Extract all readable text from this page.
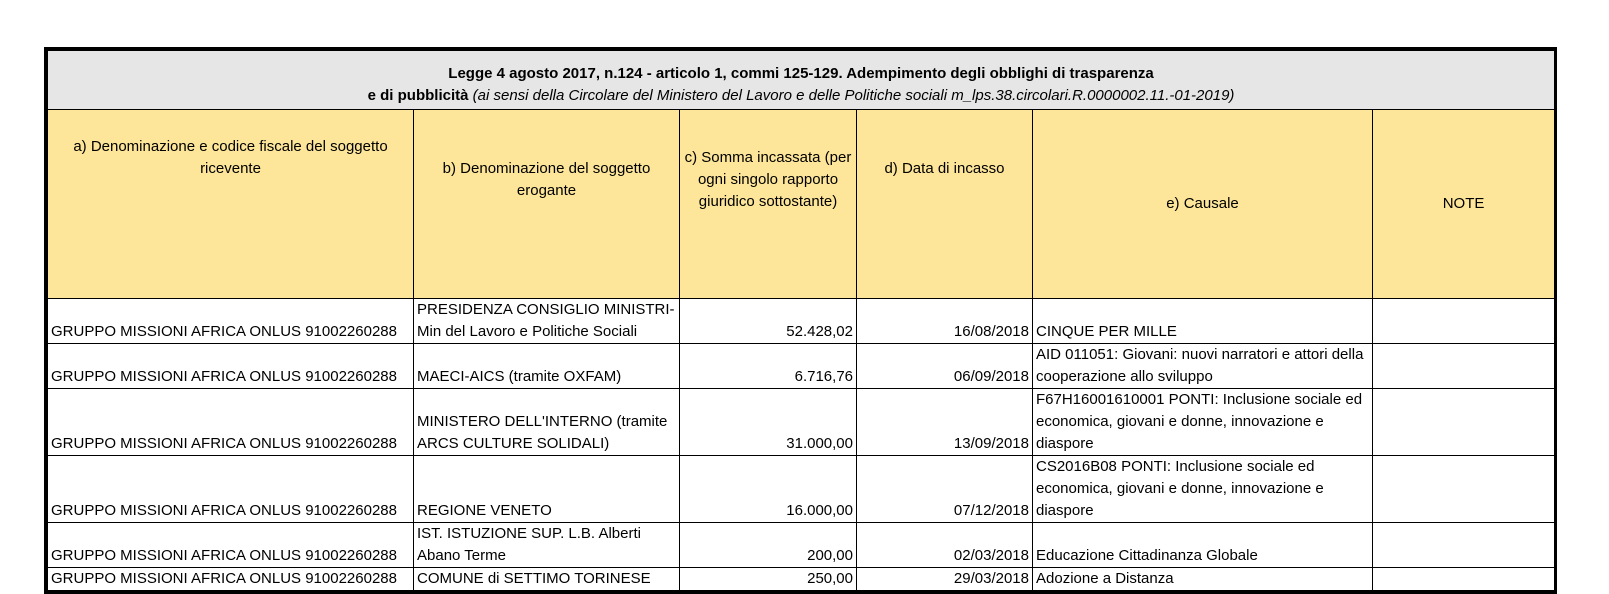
Legge 4 agosto 2017, n.124 - articolo 1, commi 125-129. Adempimento degli obblighi di trasparenza
e di pubblicità (ai sensi della Circolare del Ministero del Lavoro e delle Politiche sociali m_lps.38.circolari.R.0000002.11.-01-2019)					
a) Denominazione e codice fiscale del soggetto ricevente	b) Denominazione del soggetto erogante	c) Somma incassata (per ogni singolo rapporto giuridico sottostante)	d) Data di incasso	e) Causale	NOTE
GRUPPO MISSIONI AFRICA ONLUS 91002260288	PRESIDENZA CONSIGLIO MINISTRI- Min del Lavoro e Politiche Sociali	52.428,02	16/08/2018	CINQUE PER MILLE	
GRUPPO MISSIONI AFRICA ONLUS 91002260288	MAECI-AICS (tramite OXFAM)	6.716,76	06/09/2018	AID 011051: Giovani: nuovi narratori e attori della cooperazione allo sviluppo	
GRUPPO MISSIONI AFRICA ONLUS 91002260288	MINISTERO DELL'INTERNO (tramite ARCS CULTURE SOLIDALI)	31.000,00	13/09/2018	F67H16001610001 PONTI: Inclusione sociale ed economica, giovani e donne, innovazione e diaspore	
GRUPPO MISSIONI AFRICA ONLUS 91002260288	REGIONE VENETO	16.000,00	07/12/2018	CS2016B08 PONTI: Inclusione sociale ed economica, giovani e donne, innovazione e diaspore	
GRUPPO MISSIONI AFRICA ONLUS 91002260288	IST. ISTUZIONE SUP. L.B. Alberti Abano Terme	200,00	02/03/2018	Educazione Cittadinanza Globale	
GRUPPO MISSIONI AFRICA ONLUS 91002260288	COMUNE di SETTIMO TORINESE	250,00	29/03/2018	Adozione a Distanza	
